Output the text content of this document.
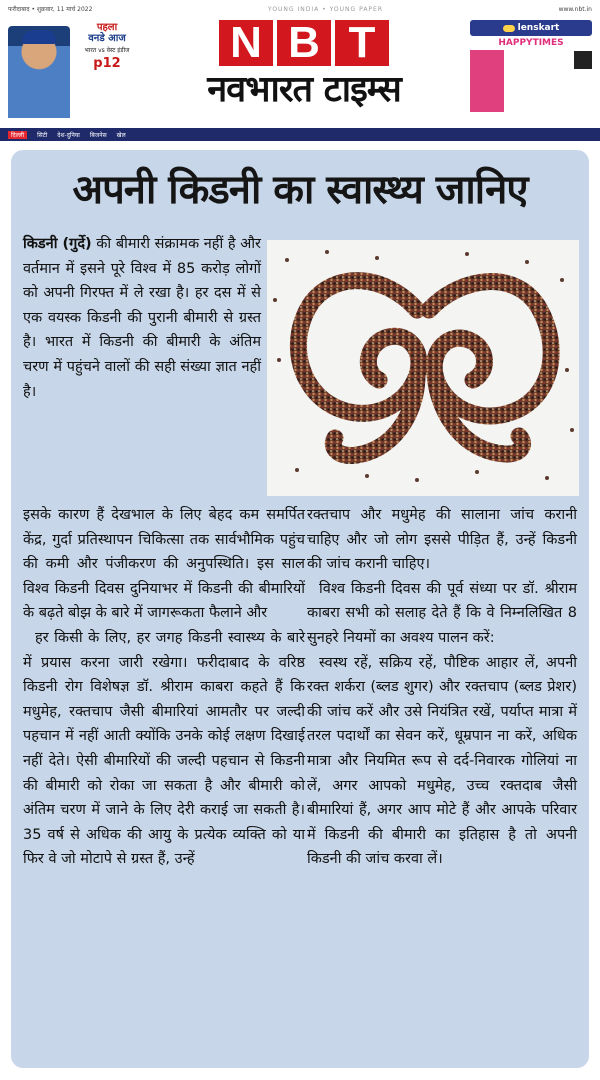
फरीदाबाद • शुक्रवार, 11 मार्च 2022	YOUNG INDIA • YOUNG PAPER	www.nbt.in
पहला
वनडे आज
भारत vs वेस्ट इंडीज
p12	N B T
नवभारत टाइम्स
lenskart
HAPPYTIMES
दिल्ली	सिटी देश-दुनिया बिजनेस खेल
अपनी किडनी का स्वास्थ्य जानिए

किडनी (गुर्दे) की बीमारी संक्रामक नहीं है और वर्तमान में इसने पूरे विश्व में 85 करोड़ लोगों को अपनी गिरफ्त में ले रखा है। हर दस में से एक वयस्क किडनी की पुरानी बीमारी से ग्रस्त है। भारत में किडनी की बीमारी के अंतिम चरण में पहुंचने वालों की सही संख्या ज्ञात नहीं है।

इसके कारण हैं देखभाल के लिए बेहद कम समर्पित केंद्र, गुर्दा प्रतिस्थापन चिकित्सा तक सार्वभौमिक पहुंच की कमी और पंजीकरण की अनुपस्थिति। इस साल विश्व किडनी दिवस दुनियाभर में किडनी की बीमारियों के बढ़ते बोझ के बारे में जागरूकता फैलाने और

हर किसी के लिए, हर जगह किडनी स्वास्थ्य के बारे में प्रयास करना जारी रखेगा। फरीदाबाद के वरिष्ठ किडनी रोग विशेषज्ञ डॉ. श्रीराम काबरा कहते हैं कि मधुमेह, रक्तचाप जैसी बीमारियां आमतौर पर जल्दी पहचान में नहीं आती क्योंकि उनके कोई लक्षण दिखाई नहीं देते। ऐसी बीमारियों की जल्दी पहचान से किडनी की बीमारी को रोका जा सकता है और बीमारी को अंतिम चरण में जाने के लिए देरी कराई जा सकती है। 35 वर्ष से अधिक की आयु के प्रत्येक व्यक्ति को या फिर वे जो मोटापे से ग्रस्त हैं, उन्हें

रक्तचाप और मधुमेह की सालाना जांच करानी चाहिए और जो लोग इससे पीड़ित हैं, उन्हें किडनी की जांच करानी चाहिए।

विश्व किडनी दिवस की पूर्व संध्या पर डॉ. श्रीराम काबरा सभी को सलाह देते हैं कि वे निम्नलिखित 8 सुनहरे नियमों का अवश्य पालन करें:

स्वस्थ रहें, सक्रिय रहें, पौष्टिक आहार लें, अपनी रक्त शर्करा (ब्लड शुगर) और रक्तचाप (ब्लड प्रेशर) की जांच करें और उसे नियंत्रित रखें, पर्याप्त मात्रा में तरल पदार्थों का सेवन करें, धूम्रपान ना करें, अधिक मात्रा और नियमित रूप से दर्द-निवारक गोलियां ना लें, अगर आपको मधुमेह, उच्च रक्तदाब जैसी बीमारियां हैं, अगर आप मोटे हैं और आपके परिवार में किडनी की बीमारी का इतिहास है तो अपनी किडनी की जांच करवा लें।
